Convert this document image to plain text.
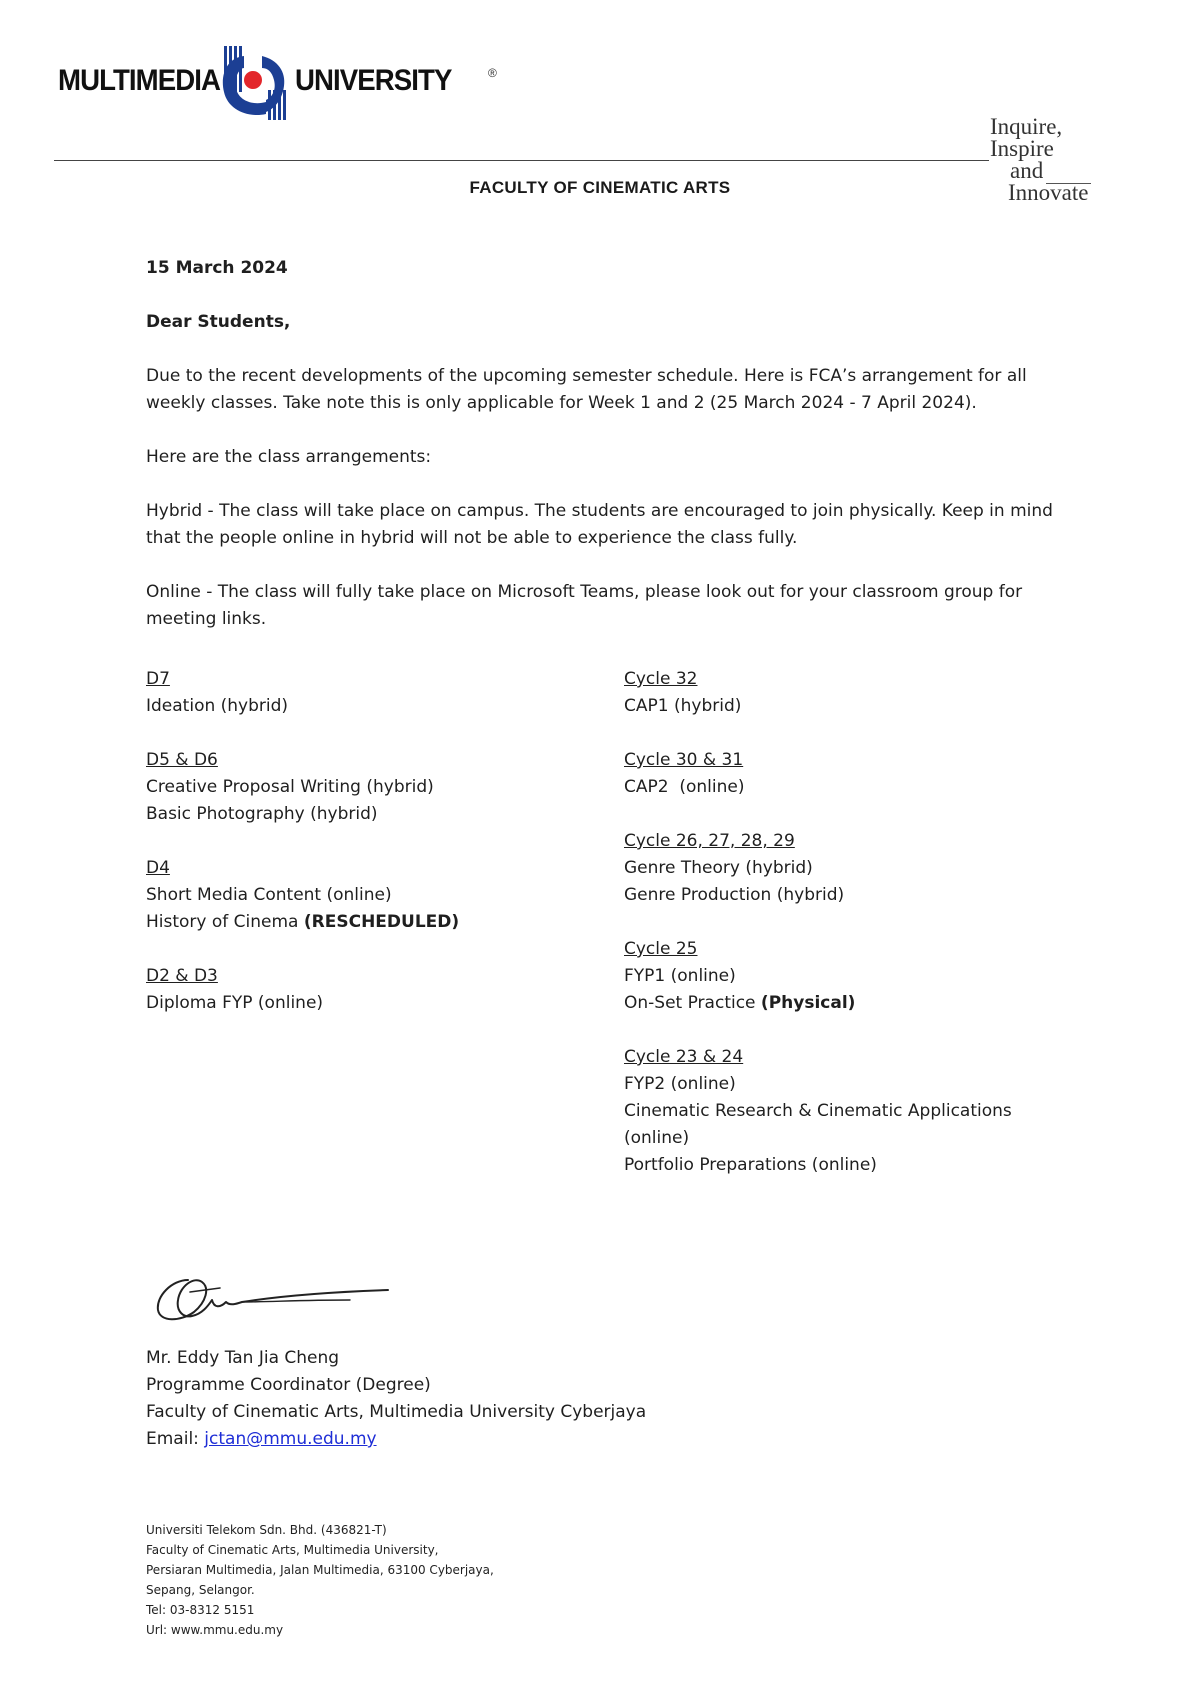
MULTIMEDIA UNIVERSITY	®
Inquire,
Inspire
and
Innovate
FACULTY OF CINEMATIC ARTS
15 March 2024
Dear Students,

Due to the recent developments of the upcoming semester schedule. Here is FCA’s arrangement for all weekly classes. Take note this is only applicable for Week 1 and 2 (25 March 2024 - 7 April 2024).

Here are the class arrangements:

Hybrid - The class will take place on campus. The students are encouraged to join physically. Keep in mind that the people online in hybrid will not be able to experience the class fully.

Online - The class will fully take place on Microsoft Teams, please look out for your classroom group for meeting links.

D7
Ideation (hybrid)
D5 & D6
Creative Proposal Writing (hybrid)
Basic Photography (hybrid)
D4
Short Media Content (online)
History of Cinema (RESCHEDULED)
D2 & D3
Diploma FYP (online)
Cycle 32
CAP1 (hybrid)
Cycle 30 & 31
CAP2  (online)
Cycle 26, 27, 28, 29
Genre Theory (hybrid)
Genre Production (hybrid)
Cycle 25
FYP1 (online)
On-Set Practice (Physical)
Cycle 23 & 24
FYP2 (online)
Cinematic Research & Cinematic Applications
(online)
Portfolio Preparations (online)
Mr. Eddy Tan Jia Cheng
Programme Coordinator (Degree)
Faculty of Cinematic Arts, Multimedia University Cyberjaya
Email: jctan@mmu.edu.my
Universiti Telekom Sdn. Bhd. (436821-T)
Faculty of Cinematic Arts, Multimedia University,
Persiaran Multimedia, Jalan Multimedia, 63100 Cyberjaya,
Sepang, Selangor.
Tel: 03-8312 5151
Url: www.mmu.edu.my
